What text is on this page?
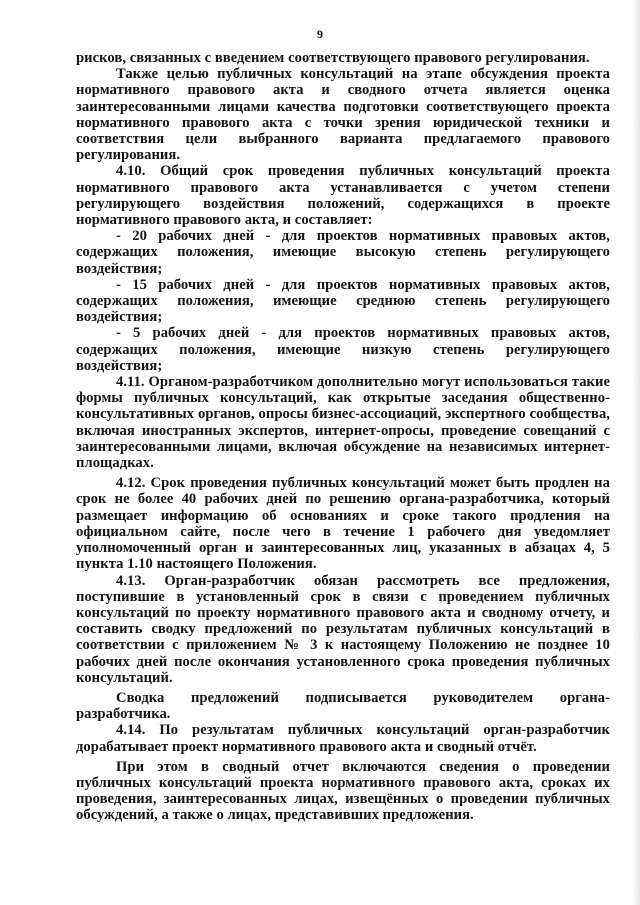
9

рисков, связанных с введением соответствующего правового регулирования.

Также целью публичных консультаций на этапе обсуждения проекта нормативного правового акта и сводного отчета является оценка заинтересованными лицами качества подготовки соответствующего проекта нормативного правового акта с точки зрения юридической техники и соответствия цели выбранного варианта предлагаемого правового регулирования.

4.10. Общий срок проведения публичных консультаций проекта нормативного правового акта устанавливается с учетом степени регулирующего воздействия положений, содержащихся в проекте нормативного правового акта, и составляет:

- 20 рабочих дней - для проектов нормативных правовых актов, содержащих положения, имеющие высокую степень регулирующего воздействия;

- 15 рабочих дней - для проектов нормативных правовых актов, содержащих положения, имеющие среднюю степень регулирующего воздействия;

- 5 рабочих дней - для проектов нормативных правовых актов, содержащих положения, имеющие низкую степень регулирующего воздействия;

4.11. Органом-разработчиком дополнительно могут использоваться такие формы публичных консультаций, как открытые заседания общественно-консультативных органов, опросы бизнес-ассоциаций, экспертного сообщества, включая иностранных экспертов, интернет-опросы, проведение совещаний с заинтересованными лицами, включая обсуждение на независимых интернет-площадках.

4.12. Срок проведения публичных консультаций может быть продлен на срок не более 40 рабочих дней по решению органа-разработчика, который размещает информацию об основаниях и сроке такого продления на официальном сайте, после чего в течение 1 рабочего дня уведомляет уполномоченный орган и заинтересованных лиц, указанных в абзацах 4, 5 пункта 1.10 настоящего Положения.

4.13. Орган-разработчик обязан рассмотреть все предложения, поступившие в установленный срок в связи с проведением публичных консультаций по проекту нормативного правового акта и сводному отчету, и составить сводку предложений по результатам публичных консультаций в соответствии с приложением № 3 к настоящему Положению не позднее 10 рабочих дней после окончания установленного срока проведения публичных консультаций.

Сводка предложений подписывается руководителем органа-разработчика.

4.14. По результатам публичных консультаций орган-разработчик дорабатывает проект нормативного правового акта и сводный отчёт.

При этом в сводный отчет включаются сведения о проведении публичных консультаций проекта нормативного правового акта, сроках их проведения, заинтересованных лицах, извещённых о проведении публичных обсуждений, а также о лицах, представивших предложения.
